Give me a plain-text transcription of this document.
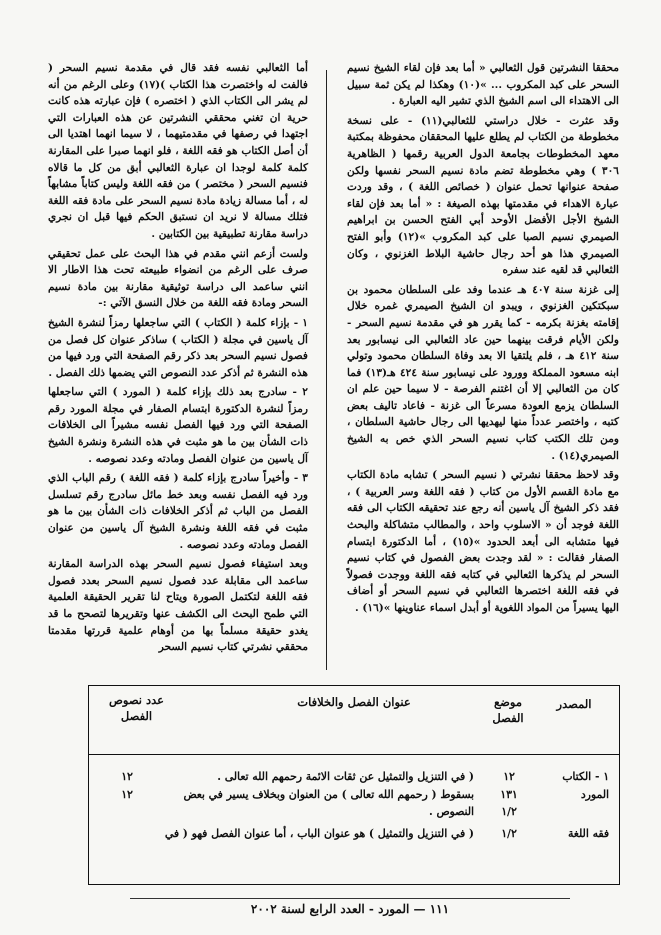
محققا النشرتين قول الثعالبي « أما بعد فإن لقاء الشيخ نسيم السحر على كبد المكروب ... »(١٠) وهكذا لم يكن ثمة سبيل الى الاهتداء الى اسم الشيخ الذي تشير اليه العبارة .

وقد عثرت - خلال دراستي للثعالبي(١١) - على نسخة مخطوطة من الكتاب لم يطلع عليها المحققان محفوظة بمكتبة معهد المخطوطات بجامعة الدول العربية رقمها ( الظاهرية ٣٠٦ ) وهي مخطوطة تضم مادة نسيم السحر نفسها ولكن صفحة عنوانها تحمل عنوان ( خصائص اللغة ) ، وقد وردت عبارة الاهداء في مقدمتها بهذه الصيغة : « أما بعد فإن لقاء الشيخ الأجل الأفضل الأوحد أبي الفتح الحسن بن ابراهيم الصيمري نسيم الصبا على كبد المكروب »(١٢) وأبو الفتح الصيمري هذا هو أحد رجال حاشية البلاط الغزنوي ، وكان الثعالبي قد لقيه عند سفره

إلى غزنة سنة ٤٠٧ هـ عندما وفد على السلطان محمود بن سبكتكين الغزنوي ، ويبدو ان الشيخ الصيمري غمره خلال إقامته بغزنة بكرمه - كما يقرر هو في مقدمة نسيم السحر - ولكن الأيام فرقت بينهما حين عاد الثعالبي الى نيسابور بعد سنة ٤١٢ هـ ، فلم يلتقيا الا بعد وفاة السلطان محمود وتولي ابنه مسعود المملكة وورود على نيسابور سنة ٤٢٤ هـ(١٣) فما كان من الثعالبي إلا أن اغتنم الفرصة - لا سيما حين علم ان السلطان يزمع العودة مسرعاً الى غزنة - فاعاد تاليف بعض كتبه ، واختصر عدداً منها ليهديها الى رجال حاشية السلطان ، ومن تلك الكتب كتاب نسيم السحر الذي خص به الشيخ الصيمري(١٤) .

وقد لاحظ محققا نشرتي ( نسيم السحر ) تشابه مادة الكتاب مع مادة القسم الأول من كتاب ( فقه اللغة وسر العربية ) ، فقد ذكر الشيخ آل ياسين أنه رجع عند تحقيقه الكتاب الى فقه اللغة فوجد أن « الاسلوب واحد ، والمطالب متشاكلة والبحث فيها متشابه الى أبعد الحدود »(١٥) ، أما الدكتورة ابتسام الصفار فقالت : « لقد وجدت بعض الفصول في كتاب نسيم السحر لم يذكرها الثعالبي في كتابه فقه اللغة ووجدت فصولاً في فقه اللغة اختصرها الثعالبي في نسيم السحر أو أضاف اليها يسيراً من المواد اللغوية أو أبدل اسماء عناوينها »(١٦) .

أما الثعالبي نفسه فقد قال في مقدمة نسيم السحر ( فالفت له واختصرت هذا الكتاب )(١٧) وعلى الرغم من أنه لم يشر الى الكتاب الذي ( اختصره ) فإن عبارته هذه كانت حرية ان تغني محققي النشرتين عن هذه العبارات التي اجتهدا في رصفها في مقدمتيهما ، لا سيما انهما اهتديا الى أن أصل الكتاب هو فقه اللغة ، فلو انهما صبرا على المقارنة كلمة كلمة لوجدا ان عبارة الثعالبي أبق من كل ما قالاه فنسيم السحر ( مختصر ) من فقه اللغة وليس كتاباً مشابهاً له ، أما مسالة زيادة مادة نسيم السحر على مادة فقه اللغة فتلك مسالة لا نريد ان نستبق الحكم فيها قبل ان نجري دراسة مقارنة تطبيقية بين الكتابين .

ولست أزعم انني مقدم في هذا البحث على عمل تحقيقي صرف على الرغم من انضواء طبيعته تحت هذا الاطار الا انني ساعمد الى دراسة توثيقية مقارنة بين مادة نسيم السحر ومادة فقه اللغة من خلال النسق الآتي :-

١ - بإزاء كلمة ( الكتاب ) التي ساجعلها رمزاً لنشرة الشيخ آل ياسين في مجلة ( الكتاب ) ساذكر عنوان كل فصل من فصول نسيم السحر بعد ذكر رقم الصفحة التي ورد فيها من هذه النشرة ثم أذكر عدد النصوص التي يضمها ذلك الفصل .

٢ - سادرج بعد ذلك بإزاء كلمة ( المورد ) التي ساجعلها رمزاً لنشرة الدكتورة ابتسام الصفار في مجلة المورد رقم الصفحة التي ورد فيها الفصل نفسه مشيراً الى الخلافات ذات الشأن بين ما هو مثبت في هذه النشرة ونشرة الشيخ آل ياسين من عنوان الفصل ومادته وعدد نصوصه .

٣ - وأخيراً سادرج بإزاء كلمة ( فقه اللغة ) رقم الباب الذي ورد فيه الفصل نفسه وبعد خط مائل سادرج رقم تسلسل الفصل من الباب ثم أذكر الخلافات ذات الشأن بين ما هو مثبت في فقه اللغة ونشرة الشيخ آل ياسين من عنوان الفصل ومادته وعدد نصوصه .

وبعد استيفاء فصول نسيم السحر بهذه الدراسة المقارنة ساعمد الى مقابلة عدد فصول نسيم السحر بعدد فصول فقه اللغة لتكتمل الصورة ويتاح لنا تقرير الحقيقة العلمية التي طمح البحث الى الكشف عنها وتقريرها لتصحح ما قد يغدو حقيقة مسلماً بها من أوهام علمية قررتها مقدمتا محققي نشرتي كتاب نسيم السحر

المصدر
موضع الفصل
عنوان الفصل والخلافات
عدد نصوص الفصل
١ - الكتاب
١٢
( في التنزيل والتمثيل عن ثقات الائمة رحمهم الله تعالى .
١٢
المورد
١٣١
بسقوط ( رحمهم الله تعالى ) من العنوان وبخلاف يسير في بعض
١٢
١/٢
النصوص .
فقه اللغة
١/٢
( في التنزيل والتمثيل ) هو عنوان الباب ، أما عنوان الفصل فهو ( في
١١١ — المورد - العدد الرابع لسنة ٢٠٠٢
